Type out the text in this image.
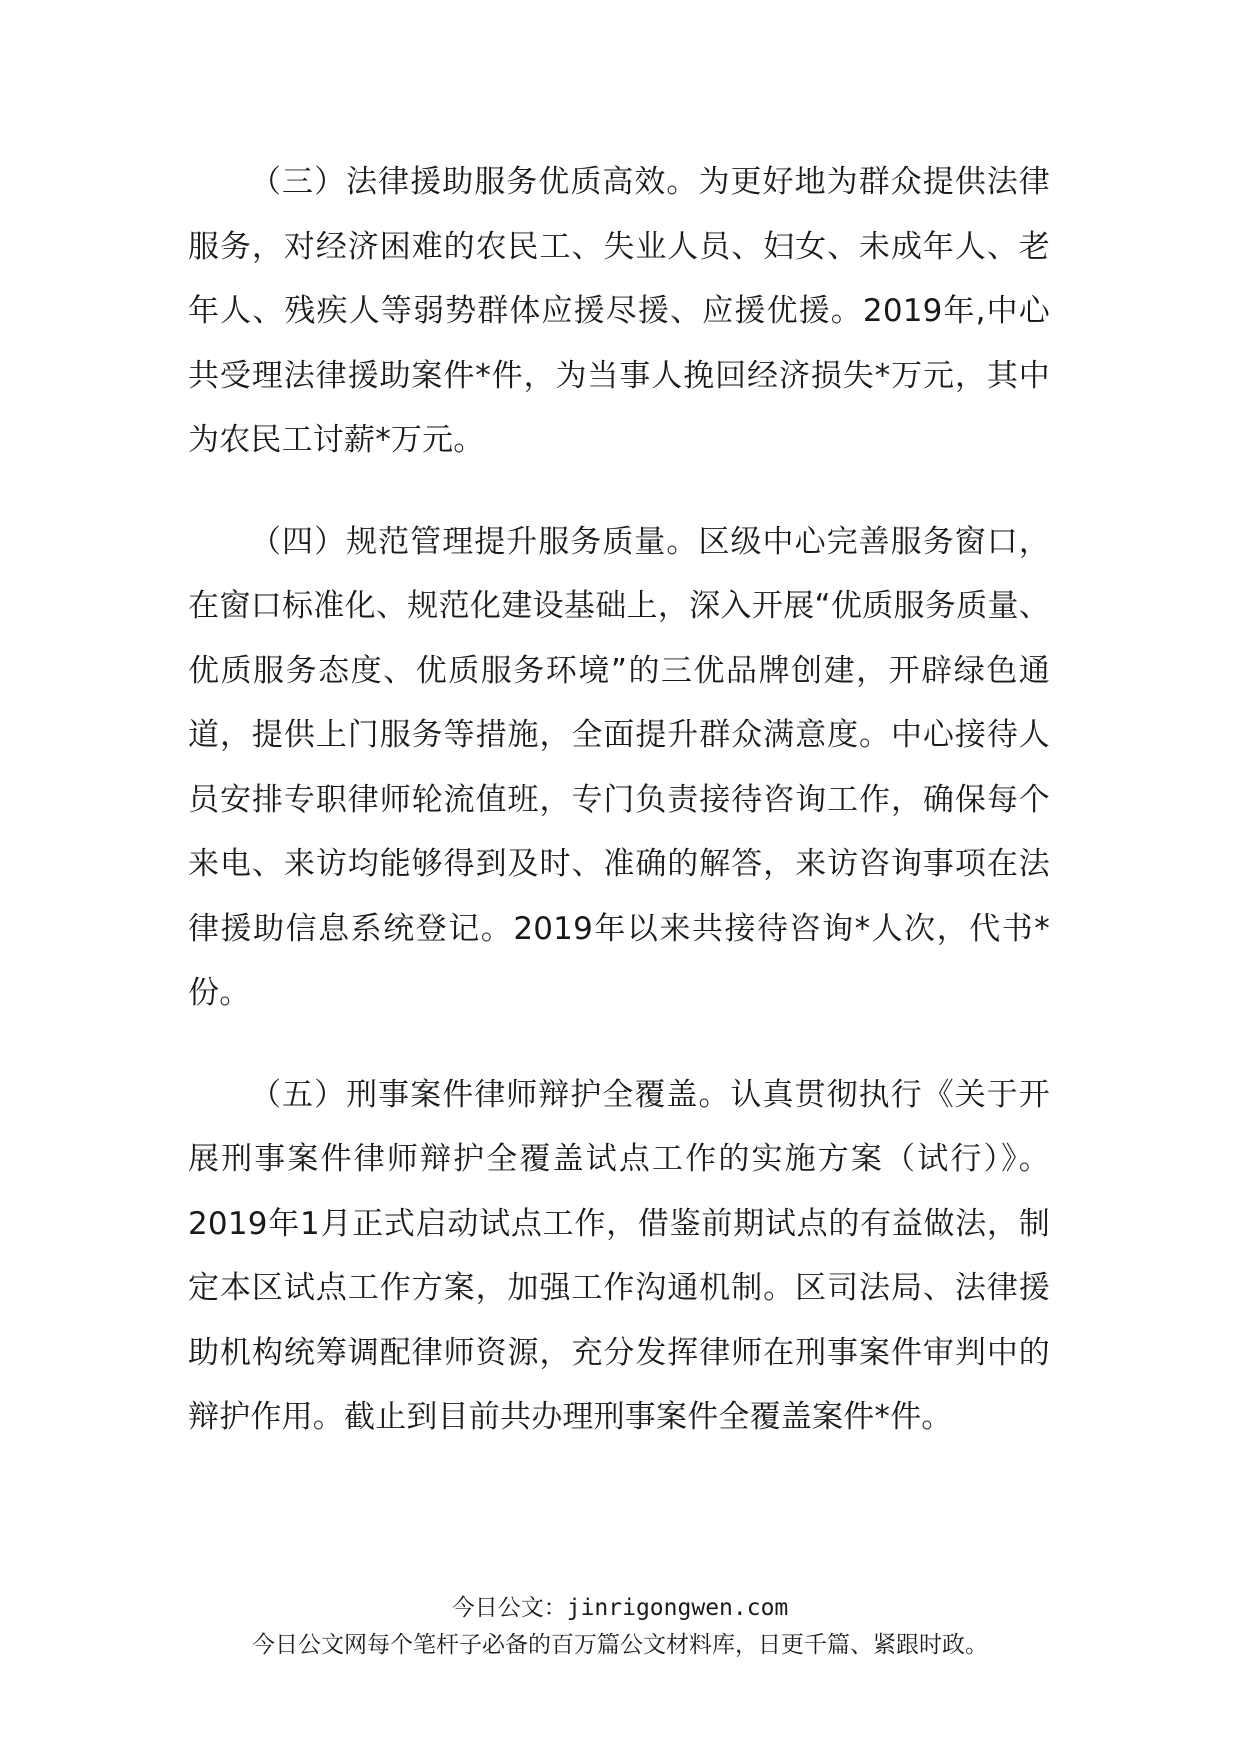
（三）法律援助服务优质高效。为更好地为群众提供法律服务，对经济困难的农民工、失业人员、妇女、未成年人、老年人、残疾人等弱势群体应援尽援、应援优援。2019年,中心共受理法律援助案件*件，为当事人挽回经济损失*万元，其中为农民工讨薪*万元。

（四）规范管理提升服务质量。区级中心完善服务窗口，在窗口标准化、规范化建设基础上，深入开展“优质服务质量、优质服务态度、优质服务环境”的三优品牌创建，开辟绿色通道，提供上门服务等措施，全面提升群众满意度。中心接待人员安排专职律师轮流值班，专门负责接待咨询工作，确保每个来电、来访均能够得到及时、准确的解答，来访咨询事项在法律援助信息系统登记。2019年以来共接待咨询*人次，代书*份。

（五）刑事案件律师辩护全覆盖。认真贯彻执行《关于开展刑事案件律师辩护全覆盖试点工作的实施方案（试行）》。2019年1月正式启动试点工作，借鉴前期试点的有益做法，制定本区试点工作方案，加强工作沟通机制。区司法局、法律援助机构统筹调配律师资源，充分发挥律师在刑事案件审判中的辩护作用。截止到目前共办理刑事案件全覆盖案件*件。

今日公文：jinrigongwen.com
今日公文网每个笔杆子必备的百万篇公文材料库，日更千篇、紧跟时政。
